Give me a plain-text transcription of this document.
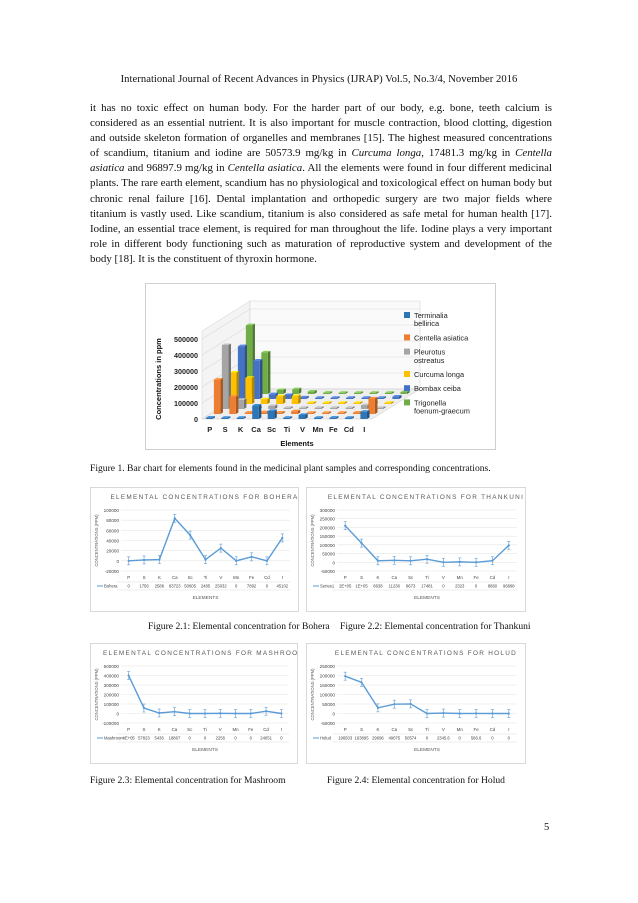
International Journal of Recent Advances in Physics (IJRAP) Vol.5, No.3/4, November 2016

it has no toxic effect on human body. For the harder part of our body, e.g. bone, teeth calcium is considered as an essential nutrient. It is also important for muscle contraction, blood clotting, digestion and outside skeleton formation of organelles and membranes [15]. The highest measured concentrations of scandium, titanium and iodine are 50573.9 mg/kg in Curcuma longa, 17481.3 mg/kg in Centella asiatica and 96897.9 mg/kg in Centella asiatica. All the elements were found in four different medicinal plants. The rare earth element, scandium has no physiological and toxicological effect on human body but chronic renal failure [16]. Dental implantation and orthopedic surgery are two major fields where titanium is vastly used. Like scandium, titanium is also considered as safe metal for human health [17]. Iodine, an essential trace element, is required for man throughout the life. Iodine plays a very important role in different body functioning such as maturation of reproductive system and development of the body [18]. It is the constituent of thyroxin hormone.

0
100000
200000
300000
400000
500000
P S K Ca Sc Ti V Mn Fe Cd I
Elements
Concentrations in ppm
Terminalia
bellirica
Centella asiatica
Pleurotus
ostreatus
Curcuma longa
Bombax ceiba
Trigonella
foenum-graecum
Figure 1. Bar chart for elements found in the medicinal plant samples and corresponding concentrations.
ELEMENTAL CONCENTRATIONS FOR BOHERA
-20000
0
20000
40000
60000
80000
100000
CONCENTRATIONS (PPM)
P	S	K	Ca Sc	Ti	V Mn Fe Cd	I
Bohera 0 1756 2586 83723 50605 2485 25032 0 7892 0 45102
ELEMENTS
ELEMENTAL CONCENTRATIONS FOR THANKUNI
-50000
0
50000
100000
150000
200000
250000
300000
CONCENTRATIONS (PPM)
P	S	K	Ca Sc	Ti	V	Mn Fe Cd	I
Series1 2E+05 1E+05 8638 11236 8673 17481 0	2323	0	8860 96898
ELEMENTS
Figure 2.1: Elemental concentration for Bohera Figure 2.2: Elemental concentration for Thankuni
ELEMENTAL CONCENTRATIONS FOR MASHROOM
-100000
0
100000
200000
300000
400000
500000
CONCENTRATIONS (PPM)
P	S	K Ca Sc Ti	V Mn Fe Cd	I
Mashroom
4E+05 57823 5436 18867 0	0 2256 0	0 24051 0
ELEMENTS
ELEMENTAL CONCENTRATIONS FOR HOLUD
-50000
0
50000
100000
150000
200000
250000
CONCENTRATIONS (PPM)
P	S	K	Ca Sc	Ti	V	Mn Fe Cd	I
Holud 196503 163895 29696 49075 50574 0 2345.6 0 566.6 0	0
ELEMENTS
Figure 2.3: Elemental concentration for Mashroom	Figure 2.4: Elemental concentration for Holud
5
